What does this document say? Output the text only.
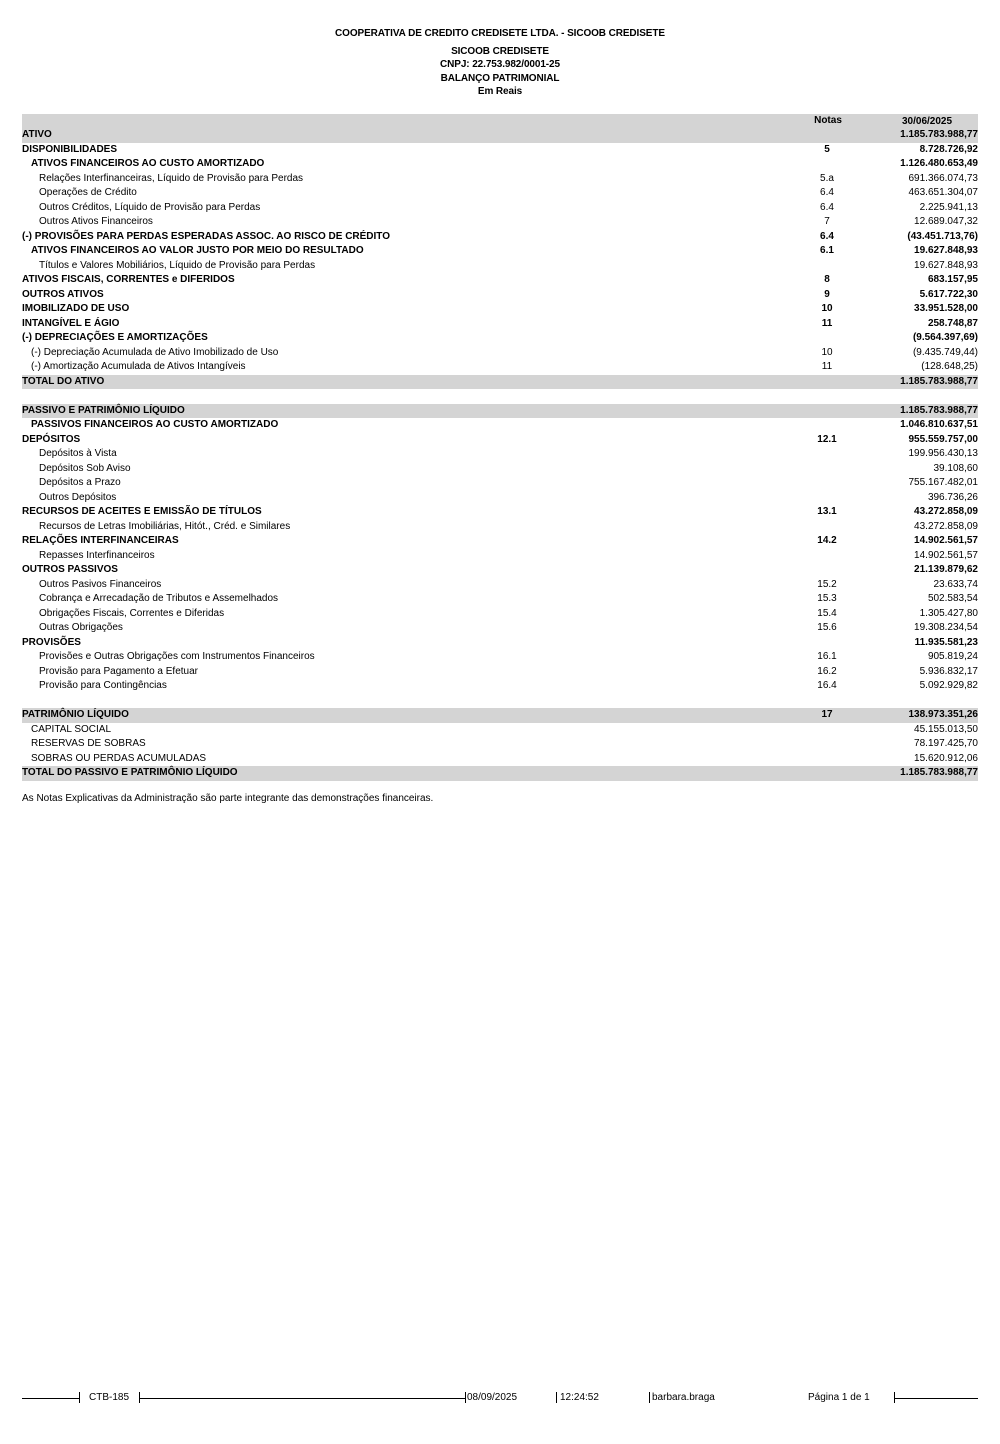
COOPERATIVA DE CREDITO CREDISETE LTDA. - SICOOB CREDISETE
SICOOB CREDISETE
CNPJ: 22.753.982/0001-25
BALANÇO PATRIMONIAL
Em Reais
Notas	30/06/2025
ATIVO	1.185.783.988,77
DISPONIBILIDADES	5	8.728.726,92
ATIVOS FINANCEIROS AO CUSTO AMORTIZADO	1.126.480.653,49
Relações Interfinanceiras, Líquido de Provisão para Perdas	5.a	691.366.074,73
Operações de Crédito	6.4	463.651.304,07
Outros Créditos, Líquido de Provisão para Perdas	6.4	2.225.941,13
Outros Ativos Financeiros	7	12.689.047,32
(-) PROVISÕES PARA PERDAS ESPERADAS ASSOC. AO RISCO DE CRÉDITO	6.4	(43.451.713,76)
ATIVOS FINANCEIROS AO VALOR JUSTO POR MEIO DO RESULTADO	6.1	19.627.848,93
Títulos e Valores Mobiliários, Líquido de Provisão para Perdas	19.627.848,93
ATIVOS FISCAIS, CORRENTES e DIFERIDOS	8	683.157,95
OUTROS ATIVOS	9	5.617.722,30
IMOBILIZADO DE USO	10	33.951.528,00
INTANGÍVEL E ÁGIO	11	258.748,87
(-) DEPRECIAÇÕES E AMORTIZAÇÕES	(9.564.397,69)
(-) Depreciação Acumulada de Ativo Imobilizado de Uso	10	(9.435.749,44)
(-) Amortização Acumulada de Ativos Intangíveis	11	(128.648,25)
TOTAL DO ATIVO	1.185.783.988,77
PASSIVO E PATRIMÔNIO LÍQUIDO	1.185.783.988,77
PASSIVOS FINANCEIROS AO CUSTO AMORTIZADO	1.046.810.637,51
DEPÓSITOS	12.1	955.559.757,00
Depósitos à Vista	199.956.430,13
Depósitos Sob Aviso	39.108,60
Depósitos a Prazo	755.167.482,01
Outros Depósitos	396.736,26
RECURSOS DE ACEITES E EMISSÃO DE TÍTULOS	13.1	43.272.858,09
Recursos de Letras Imobiliárias, Hitót., Créd. e Similares	43.272.858,09
RELAÇÕES INTERFINANCEIRAS	14.2	14.902.561,57
Repasses Interfinanceiros	14.902.561,57
OUTROS PASSIVOS	21.139.879,62
Outros Pasivos Financeiros	15.2	23.633,74
Cobrança e Arrecadação de Tributos e Assemelhados	15.3	502.583,54
Obrigações Fiscais, Correntes e Diferidas	15.4	1.305.427,80
Outras Obrigações	15.6	19.308.234,54
PROVISÕES	11.935.581,23
Provisões e Outras Obrigações com Instrumentos Financeiros	16.1	905.819,24
Provisão para Pagamento a Efetuar	16.2	5.936.832,17
Provisão para Contingências	16.4	5.092.929,82
PATRIMÔNIO LÍQUIDO	17	138.973.351,26
CAPITAL SOCIAL	45.155.013,50
RESERVAS DE SOBRAS	78.197.425,70
SOBRAS OU PERDAS ACUMULADAS	15.620.912,06
TOTAL DO PASSIVO E PATRIMÔNIO LÍQUIDO	1.185.783.988,77
As Notas Explicativas da Administração são parte integrante das demonstrações financeiras.
CTB-185	08/09/2025	12:24:52	barbara.braga	Página 1 de 1
